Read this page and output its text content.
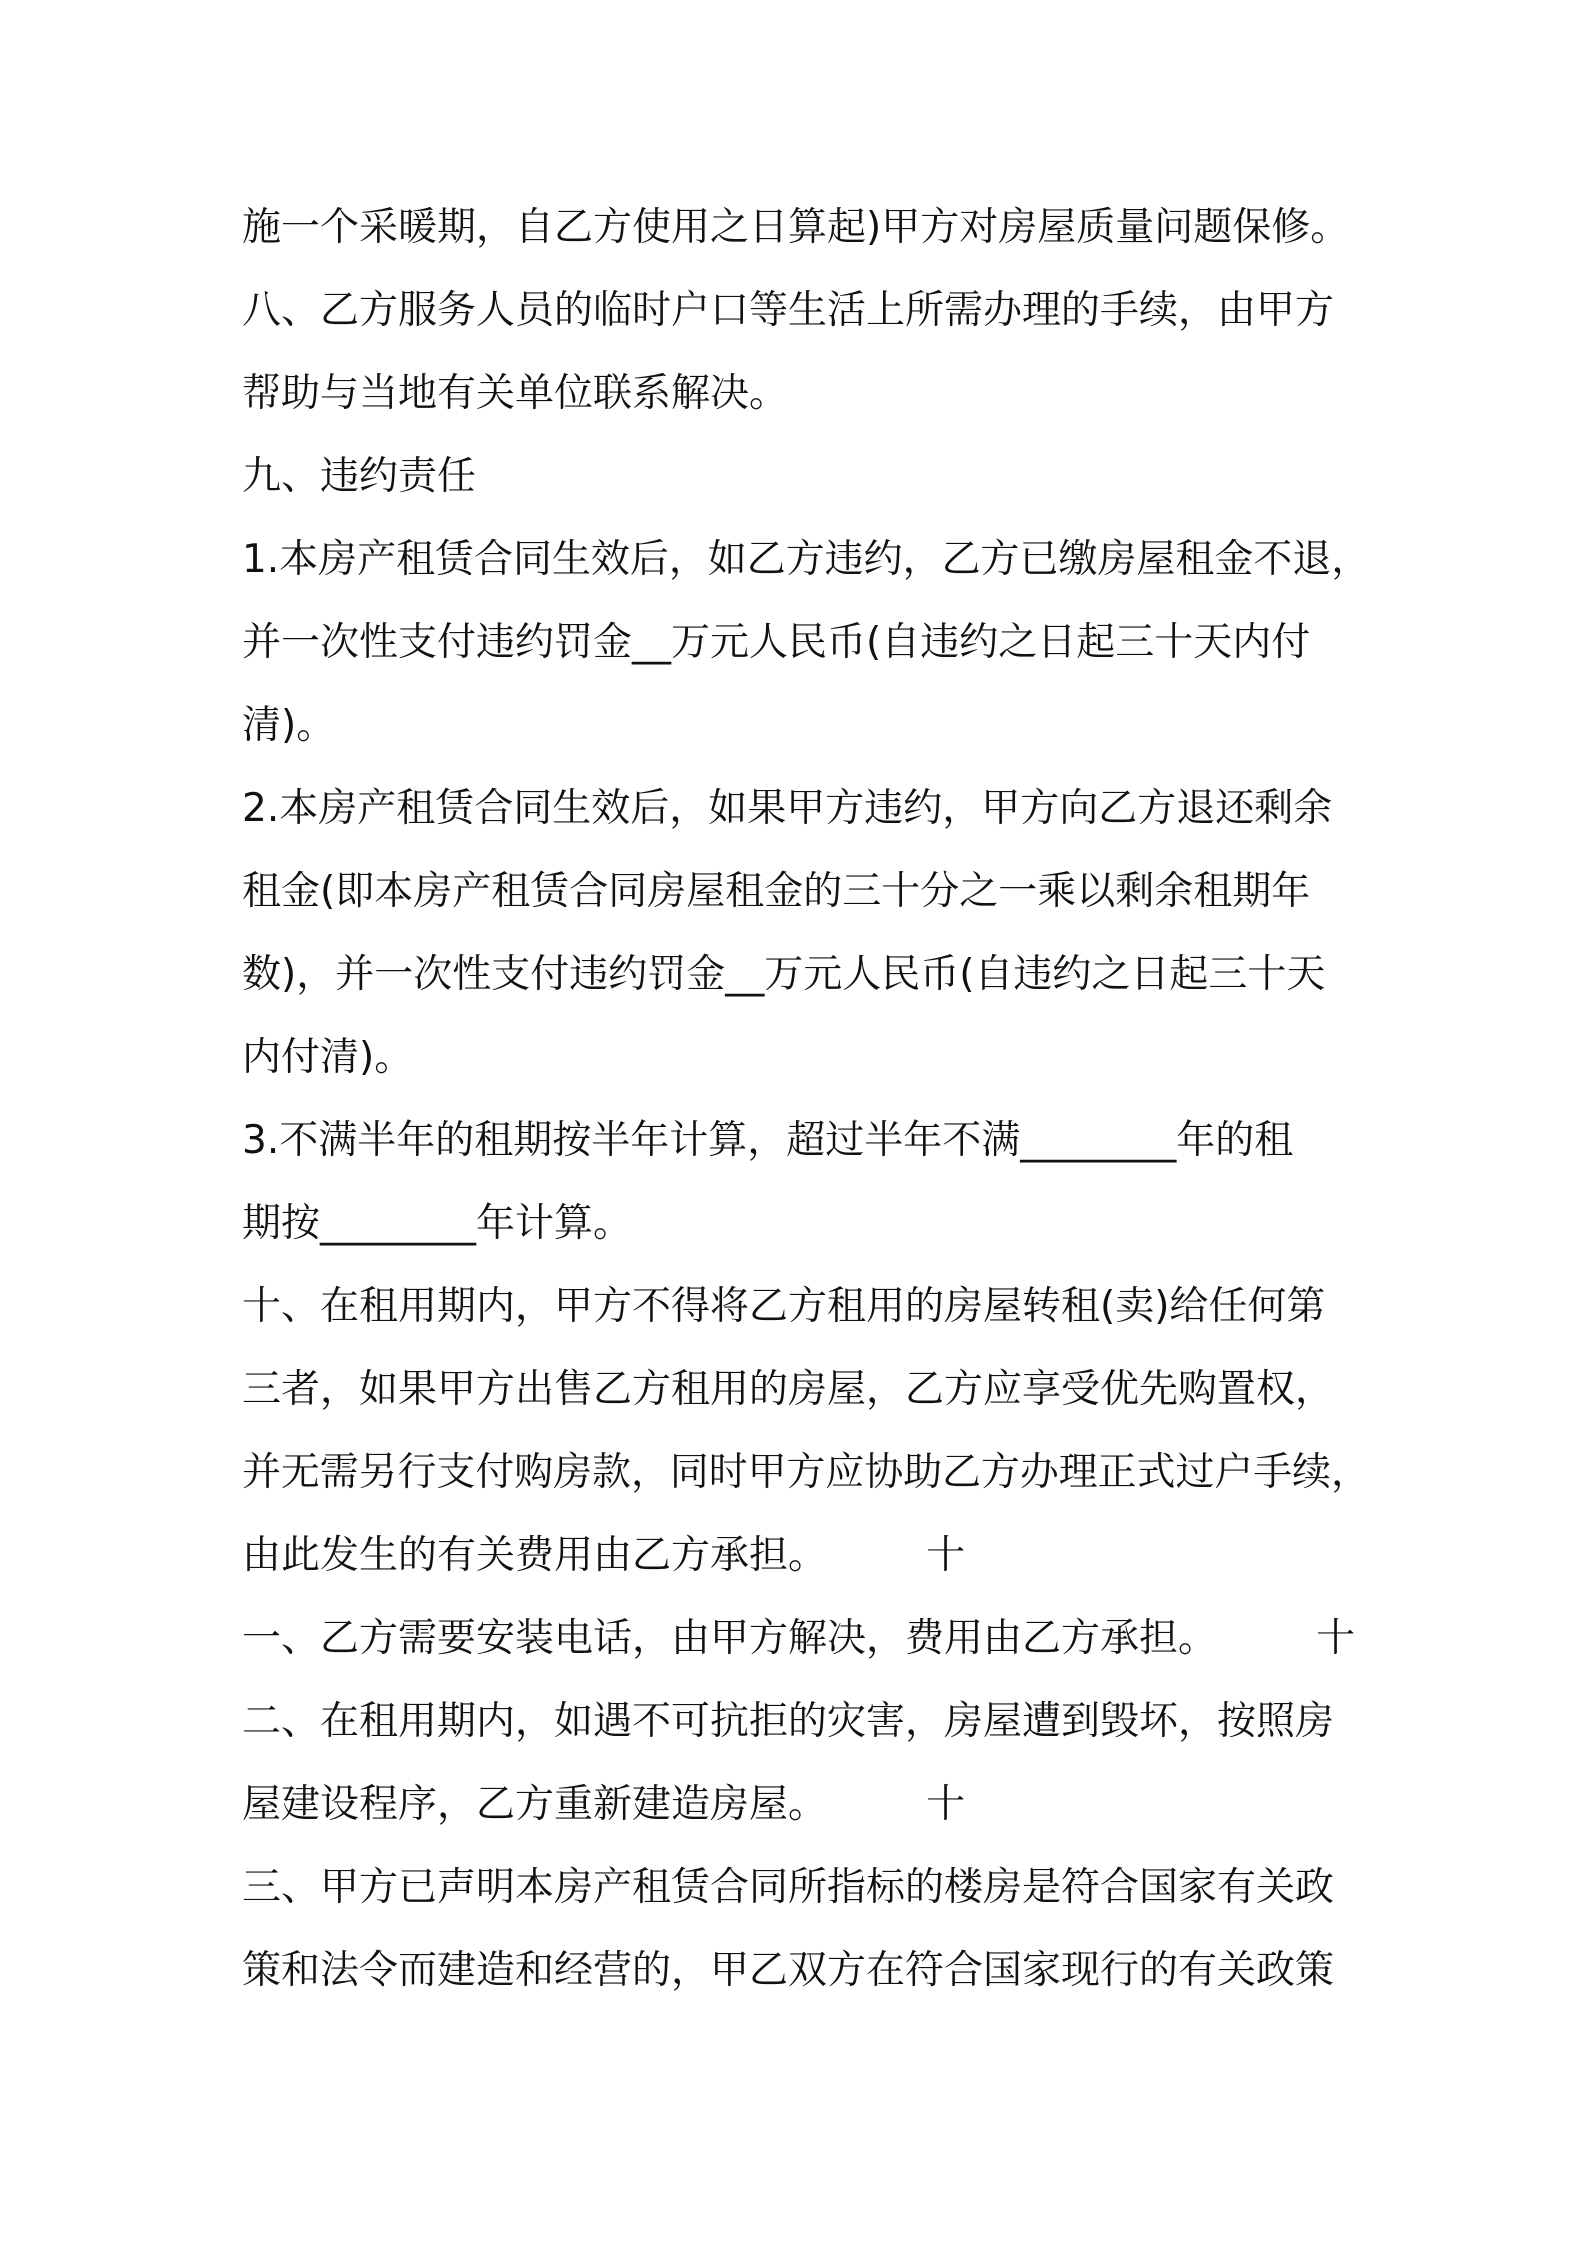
施一个采暖期，自乙方使用之日算起)甲方对房屋质量问题保修。
八、乙方服务人员的临时户口等生活上所需办理的手续，由甲方
帮助与当地有关单位联系解决。
九、违约责任
1.本房产租赁合同生效后，如乙方违约，乙方已缴房屋租金不退，
并一次性支付违约罚金__万元人民币(自违约之日起三十天内付
清)。
2.本房产租赁合同生效后，如果甲方违约，甲方向乙方退还剩余
租金(即本房产租赁合同房屋租金的三十分之一乘以剩余租期年
数)，并一次性支付违约罚金__万元人民币(自违约之日起三十天
内付清)。
3.不满半年的租期按半年计算，超过半年不满________年的租
期按________年计算。
十、在租用期内，甲方不得将乙方租用的房屋转租(卖)给任何第
三者，如果甲方出售乙方租用的房屋，乙方应享受优先购置权，
并无需另行支付购房款，同时甲方应协助乙方办理正式过户手续，
由此发生的有关费用由乙方承担。        十
一、乙方需要安装电话，由甲方解决，费用由乙方承担。        十
二、在租用期内，如遇不可抗拒的灾害，房屋遭到毁坏，按照房
屋建设程序，乙方重新建造房屋。        十
三、甲方已声明本房产租赁合同所指标的楼房是符合国家有关政
策和法令而建造和经营的，甲乙双方在符合国家现行的有关政策
